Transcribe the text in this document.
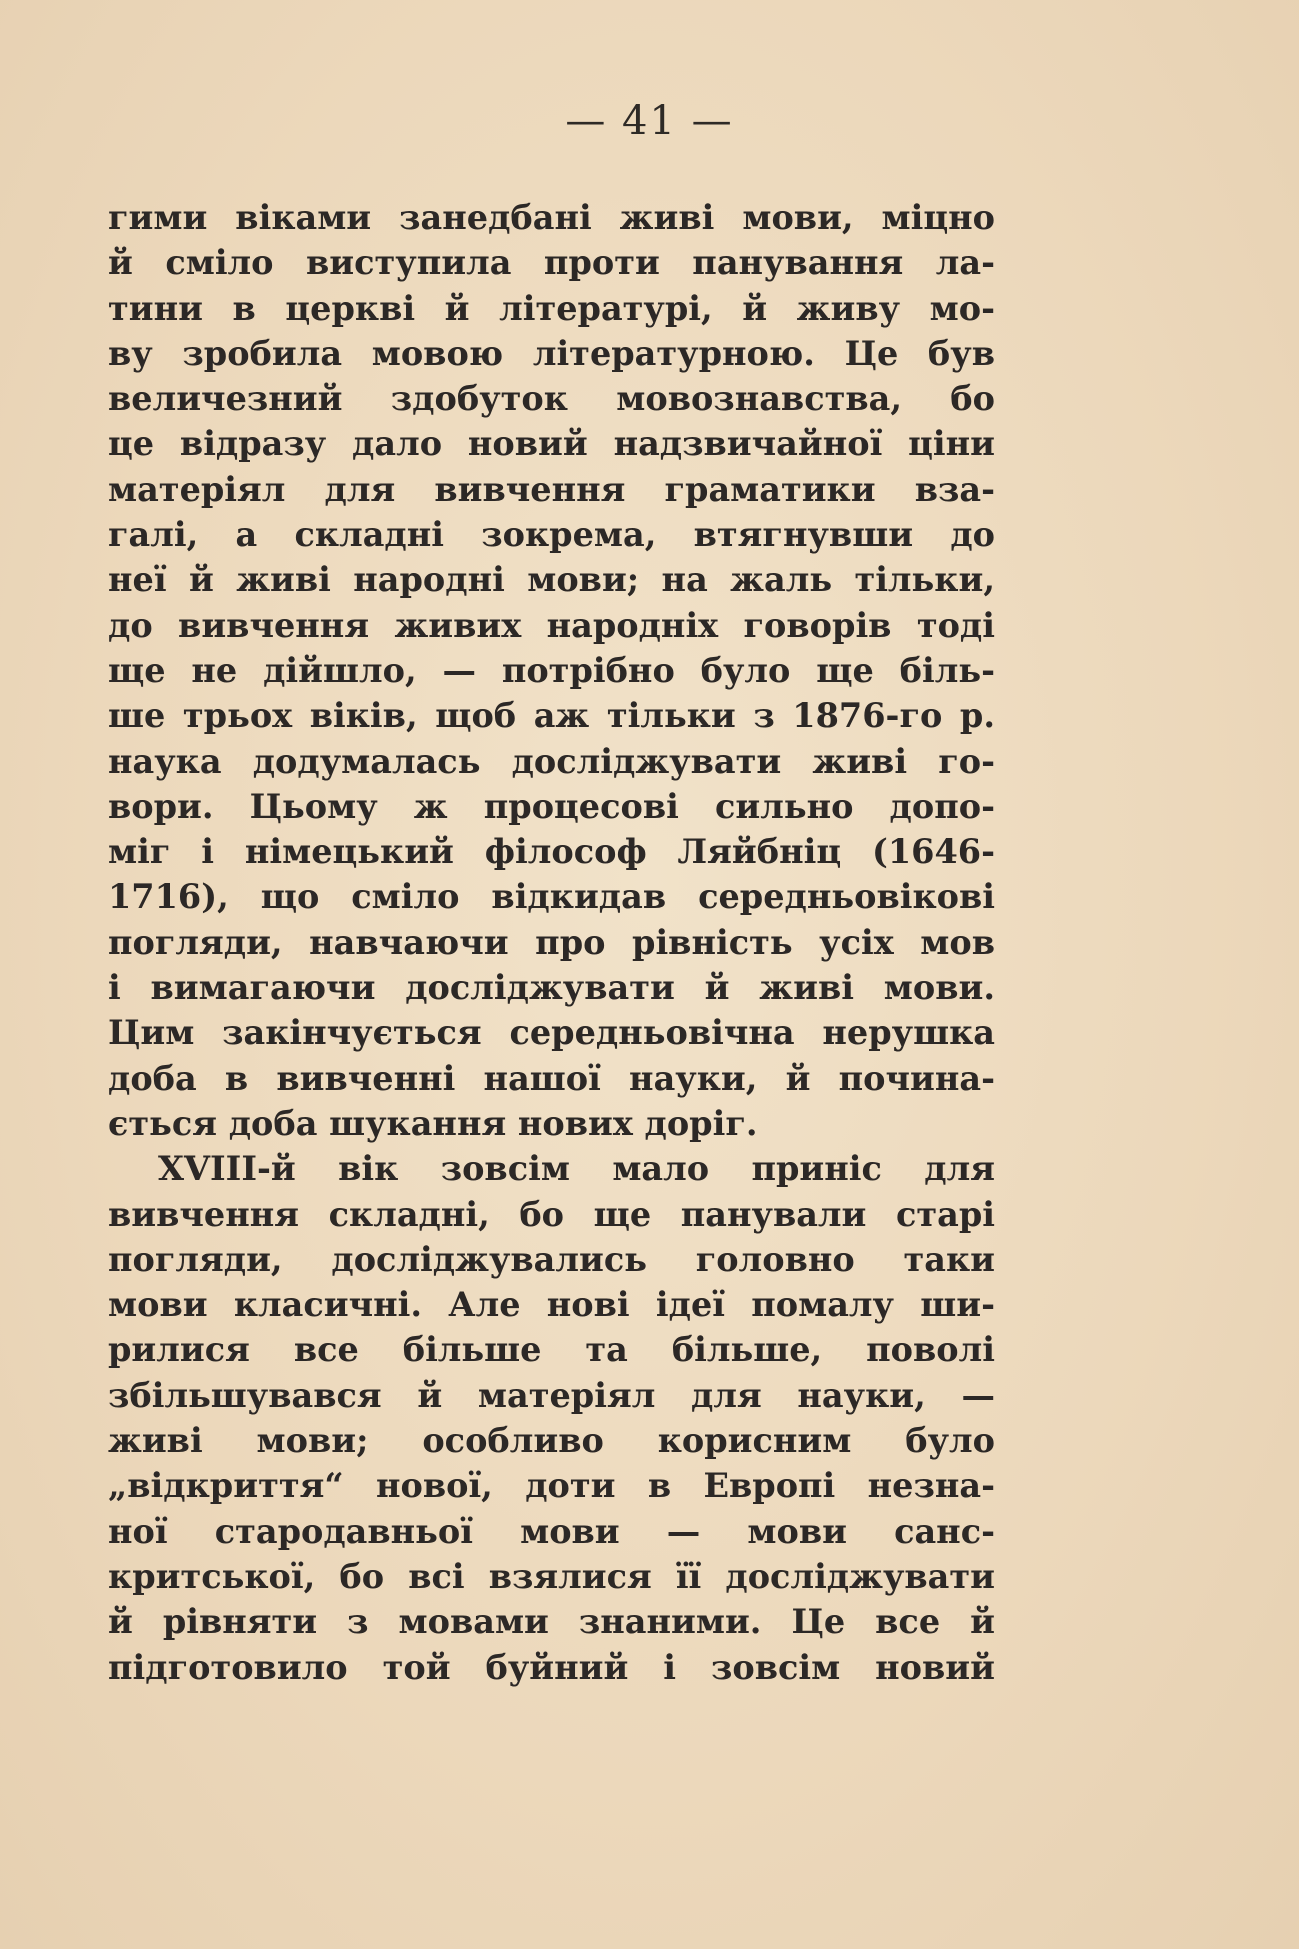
— 41 —
гими віками занедбані живі мови, міцно
й сміло виступила проти панування ла-
тини в церкві й літературі, й живу мо-
ву зробила мовою літературною. Це був
величезний здобуток мовознавства, бо
це відразу дало новий надзвичайної ціни
матеріял для вивчення граматики вза-
галі, а складні зокрема, втягнувши до
неї й живі народні мови; на жаль тільки,
до вивчення живих народніх говорів тоді
ще не дійшло, — потрібно було ще біль-
ше трьох віків, щоб аж тільки з 1876-го р.
наука додумалась досліджувати живі го-
вори. Цьому ж процесові сильно допо-
міг і німецький філософ Ляйбніц (1646-
1716), що сміло відкидав середньовікові
погляди, навчаючи про рівність усіх мов
і вимагаючи досліджувати й живі мови.
Цим закінчується середньовічна нерушка
доба в вивченні нашої науки, й почина-
ється доба шукання нових доріг.
XVIII-й вік зовсім мало приніс для
вивчення складні, бо ще панували старі
погляди, досліджувались головно таки
мови класичні. Але нові ідеї помалу ши-
рилися все більше та більше, поволі
збільшувався й матеріял для науки, —
живі мови; особливо корисним було
„відкриття“ нової, доти в Европі незна-
ної стародавньої мови — мови санс-
критської, бо всі взялися її досліджувати
й рівняти з мовами знаними. Це все й
підготовило той буйний і зовсім новий
